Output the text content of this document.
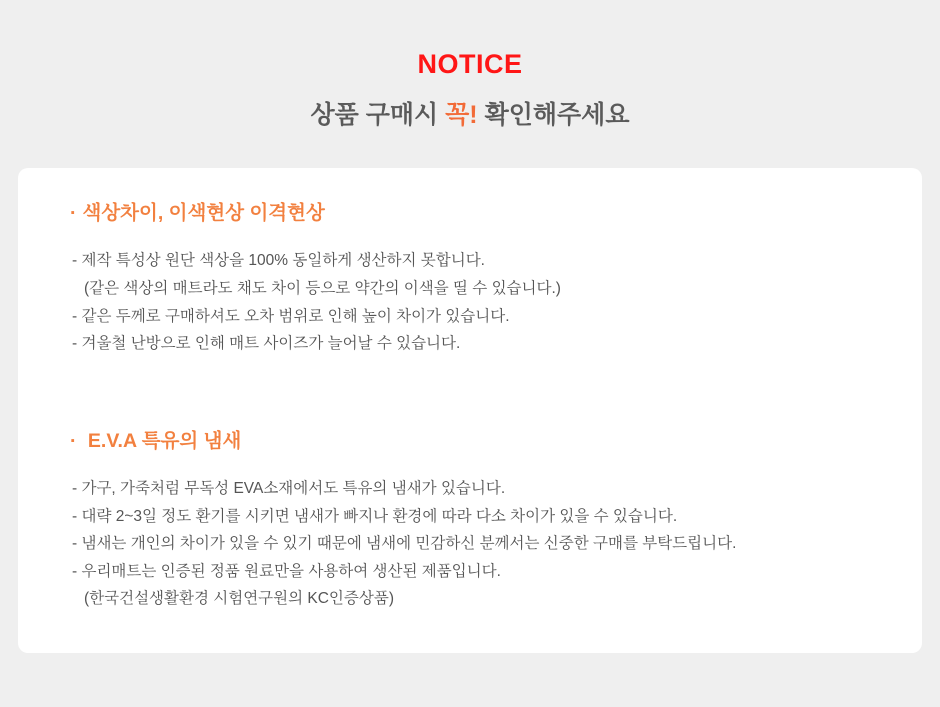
NOTICE
상품 구매시 꼭! 확인해주세요
· 색상차이, 이색현상 이격현상
- 제작 특성상 원단 색상을 100% 동일하게 생산하지 못합니다.
(같은 색상의 매트라도 채도 차이 등으로 약간의 이색을 띨 수 있습니다.)
- 같은 두께로 구매하셔도 오차 범위로 인해 높이 차이가 있습니다.
- 겨울철 난방으로 인해 매트 사이즈가 늘어날 수 있습니다.
· E.V.A 특유의 냄새
- 가구, 가죽처럼 무독성 EVA소재에서도 특유의 냄새가 있습니다.
- 대략 2~3일 정도 환기를 시키면 냄새가 빠지나 환경에 따라 다소 차이가 있을 수 있습니다.
- 냄새는 개인의 차이가 있을 수 있기 때문에 냄새에 민감하신 분께서는 신중한 구매를 부탁드립니다.
- 우리매트는 인증된 정품 원료만을 사용하여 생산된 제품입니다.
(한국건설생활환경 시험연구원의 KC인증상품)
